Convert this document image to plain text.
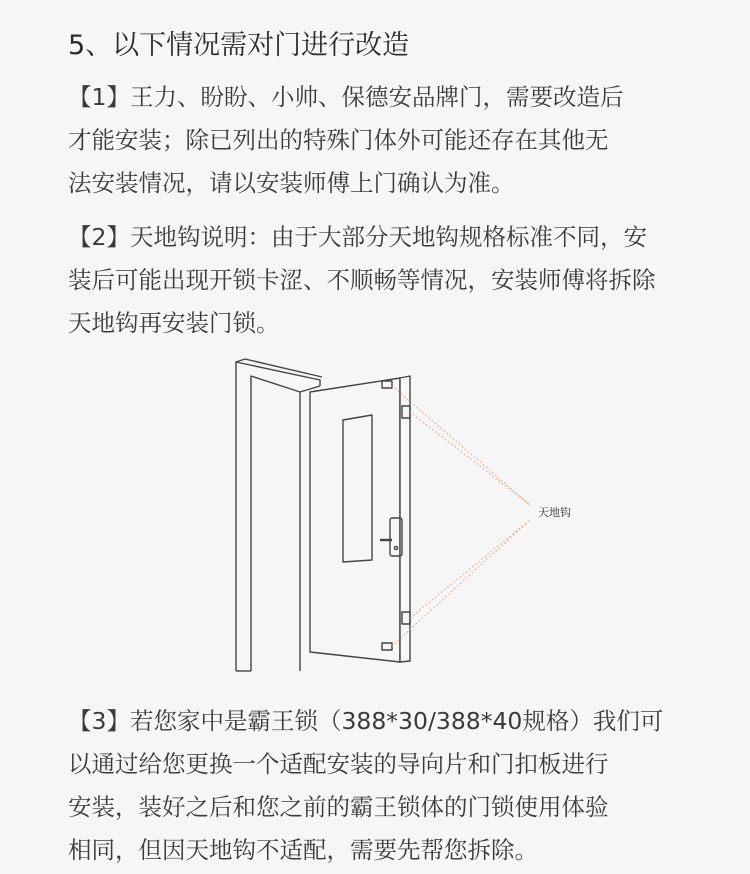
5、以下情况需对门进行改造
【1】王力、盼盼、小帅、保德安品牌门，需要改造后
才能安装；除已列出的特殊门体外可能还存在其他无
法安装情况，请以安装师傅上门确认为准。
【2】天地钩说明：由于大部分天地钩规格标准不同，安
装后可能出现开锁卡涩、不顺畅等情况，安装师傅将拆除
天地钩再安装门锁。
天地钩
【3】若您家中是霸王锁（388*30/388*40规格）我们可
以通过给您更换一个适配安装的导向片和门扣板进行
安装，装好之后和您之前的霸王锁体的门锁使用体验
相同，但因天地钩不适配，需要先帮您拆除。
